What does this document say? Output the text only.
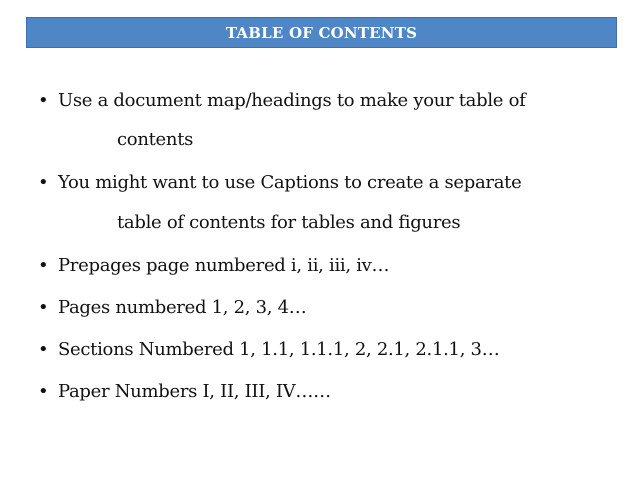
TABLE OF CONTENTS
• Use a document map/headings to make your table of
contents
• You might want to use Captions to create a separate
table of contents for tables and figures
• Prepages page numbered i, ii, iii, iv…
• Pages numbered 1, 2, 3, 4…
• Sections Numbered 1, 1.1, 1.1.1, 2, 2.1, 2.1.1, 3…
• Paper Numbers I, II, III, IV……
